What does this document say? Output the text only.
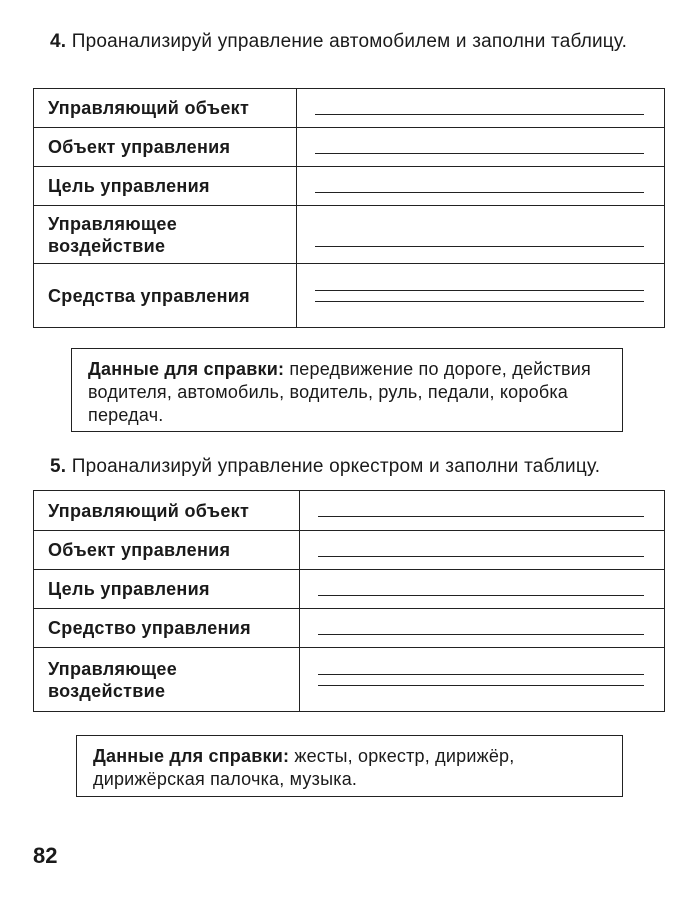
4. Проанализируй управление автомобилем и заполни таблицу.
Управляющий объект	

Объект управления	

Цель управления	

Управляющее воздействие	

Средства управления	
Данные для справки: передвижение по дороге, действия водителя, автомобиль, водитель, руль, педали, коробка передач.
5. Проанализируй управление оркестром и заполни таблицу.
Управляющий объект	

Объект управления	

Цель управления	

Средство управления	

Управляющее воздействие	
Данные для справки: жесты, оркестр, дирижёр, дирижёрская палочка, музыка.
82
